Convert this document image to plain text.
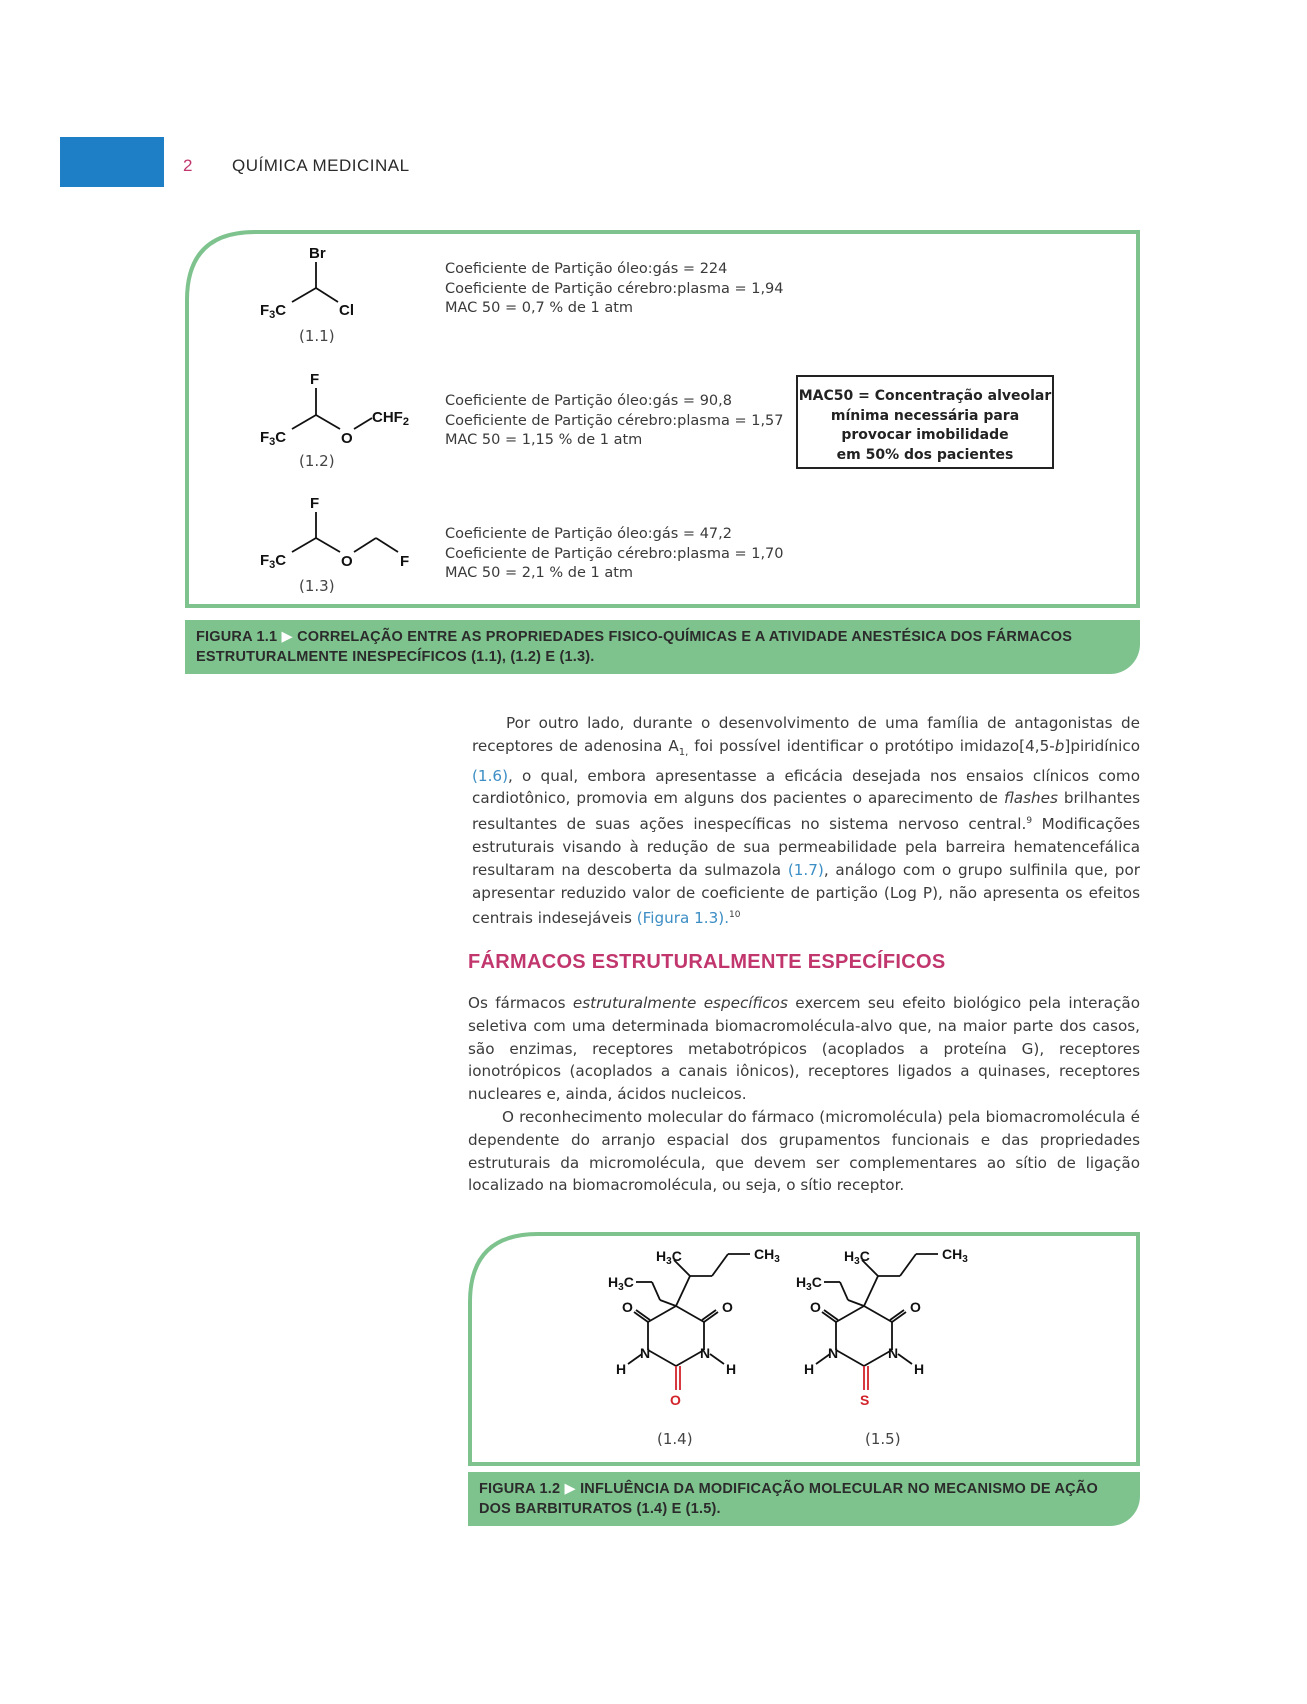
2 QUÍMICA MEDICINAL
Br
$F_3C$	Cl
F
$F_3C$	O
$CHF_2$
F
$F_3C$	O	F
(1.1)
(1.2)
(1.3)
Coeficiente de Partição óleo:gás = 224
Coeficiente de Partição cérebro:plasma = 1,94
MAC 50 = 0,7 % de 1 atm
Coeficiente de Partição óleo:gás = 90,8
Coeficiente de Partição cérebro:plasma = 1,57
MAC 50 = 1,15 % de 1 atm
Coeficiente de Partição óleo:gás = 47,2
Coeficiente de Partição cérebro:plasma = 1,70
MAC 50 = 2,1 % de 1 atm
MAC50 = Concentração alveolar
mínima necessária para
provocar imobilidade
em 50% dos pacientes
FIGURA 1.1 ▶ CORRELAÇÃO ENTRE AS PROPRIEDADES FISICO-QUÍMICAS E A ATIVIDADE ANESTÉSICA DOS FÁRMACOS ESTRUTURALMENTE INESPECÍFICOS (1.1), (1.2) E (1.3).

Por outro lado, durante o desenvolvimento de uma família de antagonistas de receptores de adenosina $A_{1,}$ foi possível identificar o protótipo imidazo[4,5-b]piridínico (1.6), o qual, embora apresentasse a eficácia desejada nos ensaios clínicos como cardiotônico, promovia em alguns dos pacientes o aparecimento de flashes brilhantes resultantes de suas ações inespecíficas no sistema nervoso central.$^9$ Modificações estruturais visando à redução de sua permeabilidade pela barreira hematencefálica resultaram na descoberta da sulmazola (1.7), análogo com o grupo sulfinila que, por apresentar reduzido valor de coeficiente de partição (Log P), não apresenta os efeitos centrais indesejáveis (Figura 1.3).$^{10}$

FÁRMACOS ESTRUTURALMENTE ESPECÍFICOS

Os fármacos estruturalmente específicos exercem seu efeito biológico pela interação seletiva com uma determinada biomacromolécula-alvo que, na maior parte dos casos, são enzimas, receptores metabotrópicos (acoplados a proteína G), receptores ionotrópicos (acoplados a canais iônicos), receptores ligados a quinases, receptores nucleares e, ainda, ácidos nucleicos.

O reconhecimento molecular do fármaco (micromolécula) pela biomacromolécula é dependente do arranjo espacial dos grupamentos funcionais e das propriedades estruturais da micromolécula, que devem ser complementares ao sítio de ligação localizado na biomacromolécula, ou seja, o sítio receptor.

$H_3C$	$CH_3$
$H_3C$
O	O
N	N
H	H
O
$H_3C$	$CH_3$
$H_3C$
O	O
N	N
H	H
S
(1.4)	(1.5)
FIGURA 1.2 ▶ INFLUÊNCIA DA MODIFICAÇÃO MOLECULAR NO MECANISMO DE AÇÃO DOS BARBITURATOS (1.4) E (1.5).
